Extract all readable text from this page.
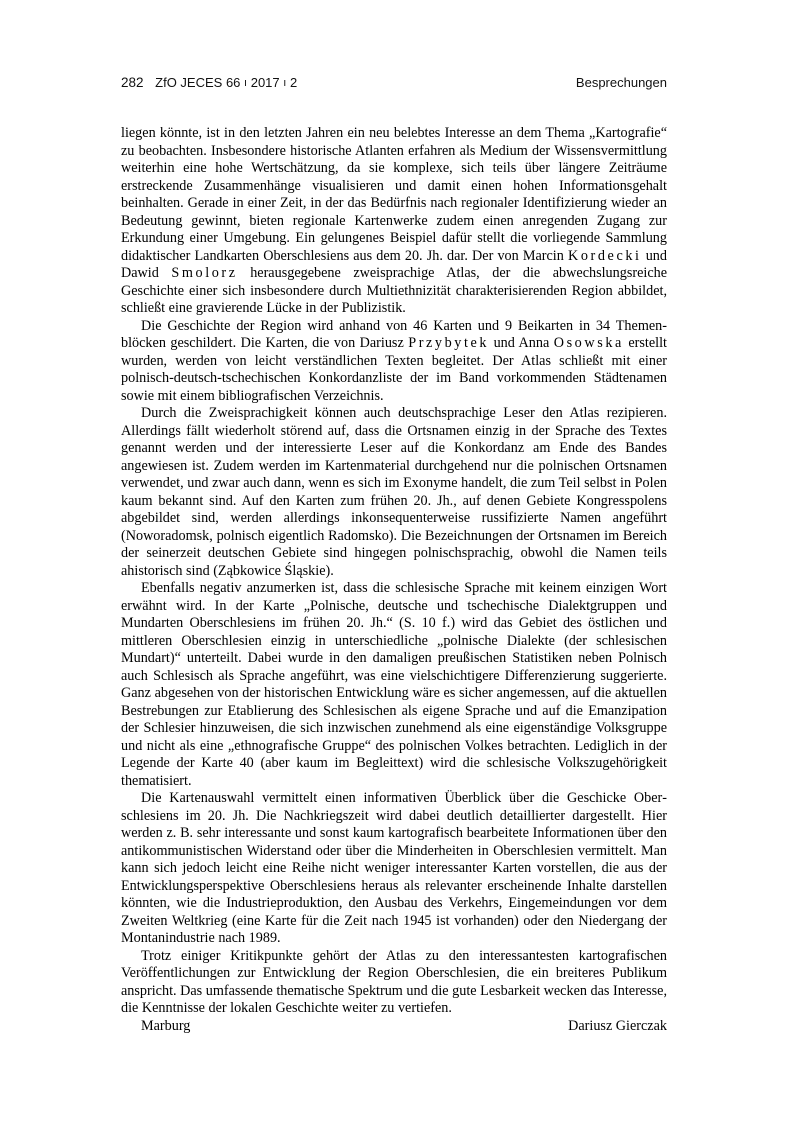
282 ZfO JECES 66 ı 2017 ı 2	Besprechungen

liegen könnte, ist in den letzten Jahren ein neu belebtes Interesse an dem Thema „Kartografie“ zu beobachten. Insbesondere historische Atlanten erfahren als Medium der Wissensvermittlung weiterhin eine hohe Wertschätzung, da sie komplexe, sich teils über längere Zeiträume erstreckende Zusammenhänge visualisieren und damit einen hohen Informationsgehalt beinhalten. Gerade in einer Zeit, in der das Bedürfnis nach regionaler Identifizierung wieder an Bedeutung gewinnt, bieten regionale Kartenwerke zudem einen anregenden Zugang zur Erkundung einer Umgebung. Ein gelungenes Beispiel dafür stellt die vorliegende Sammlung didaktischer Landkarten Oberschlesiens aus dem 20. Jh. dar. Der von Marcin Kordecki und Dawid Smolorz herausgegebene zweisprachige Atlas, der die abwechslungsreiche Geschichte einer sich insbesondere durch Multiethnizität charakterisierenden Region abbildet, schließt eine gravierende Lücke in der Publizistik.

Die Geschichte der Region wird anhand von 46 Karten und 9 Beikarten in 34 Themenblöcken geschildert. Die Karten, die von Dariusz Przybytek und Anna Osowska erstellt wurden, werden von leicht verständlichen Texten begleitet. Der Atlas schließt mit einer polnisch-deutsch-tschechischen Konkordanzliste der im Band vorkommenden Städtenamen sowie mit einem bibliografischen Verzeichnis.

Durch die Zweisprachigkeit können auch deutschsprachige Leser den Atlas rezipieren. Allerdings fällt wiederholt störend auf, dass die Ortsnamen einzig in der Sprache des Textes genannt werden und der interessierte Leser auf die Konkordanz am Ende des Bandes angewiesen ist. Zudem werden im Kartenmaterial durchgehend nur die polnischen Ortsnamen verwendet, und zwar auch dann, wenn es sich im Exonyme handelt, die zum Teil selbst in Polen kaum bekannt sind. Auf den Karten zum frühen 20. Jh., auf denen Gebiete Kongresspolens abgebildet sind, werden allerdings inkonsequenterweise russifizierte Namen angeführt (Noworadomsk, polnisch eigentlich Radomsko). Die Bezeichnungen der Ortsnamen im Bereich der seinerzeit deutschen Gebiete sind hingegen polnischsprachig, obwohl die Namen teils ahistorisch sind (Ząbkowice Śląskie).

Ebenfalls negativ anzumerken ist, dass die schlesische Sprache mit keinem einzigen Wort erwähnt wird. In der Karte „Polnische, deutsche und tschechische Dialektgruppen und Mundarten Oberschlesiens im frühen 20. Jh.“ (S. 10 f.) wird das Gebiet des östlichen und mittleren Oberschlesien einzig in unterschiedliche „polnische Dialekte (der schlesischen Mundart)“ unterteilt. Dabei wurde in den damaligen preußischen Statistiken neben Polnisch auch Schlesisch als Sprache angeführt, was eine vielschichtigere Differenzierung suggerierte. Ganz abgesehen von der historischen Entwicklung wäre es sicher angemessen, auf die aktuellen Bestrebungen zur Etablierung des Schlesischen als eigene Sprache und auf die Emanzipation der Schlesier hinzuweisen, die sich inzwischen zunehmend als eine eigenständige Volksgruppe und nicht als eine „ethnografische Gruppe“ des polnischen Volkes betrachten. Lediglich in der Legende der Karte 40 (aber kaum im Begleittext) wird die schlesische Volkszugehörigkeit thematisiert.

Die Kartenauswahl vermittelt einen informativen Überblick über die Geschicke Oberschlesiens im 20. Jh. Die Nachkriegszeit wird dabei deutlich detaillierter dargestellt. Hier werden z. B. sehr interessante und sonst kaum kartografisch bearbeitete Informationen über den antikommunistischen Widerstand oder über die Minderheiten in Oberschlesien vermittelt. Man kann sich jedoch leicht eine Reihe nicht weniger interessanter Karten vorstellen, die aus der Entwicklungsperspektive Oberschlesiens heraus als relevanter erscheinende Inhalte darstellen könnten, wie die Industrieproduktion, den Ausbau des Verkehrs, Eingemeindungen vor dem Zweiten Weltkrieg (eine Karte für die Zeit nach 1945 ist vorhanden) oder den Niedergang der Montanindustrie nach 1989.

Trotz einiger Kritikpunkte gehört der Atlas zu den interessantesten kartografischen Veröffentlichungen zur Entwicklung der Region Oberschlesien, die ein breiteres Publikum anspricht. Das umfassende thematische Spektrum und die gute Lesbarkeit wecken das Interesse, die Kenntnisse der lokalen Geschichte weiter zu vertiefen.

Marburg	Dariusz Gierczak
